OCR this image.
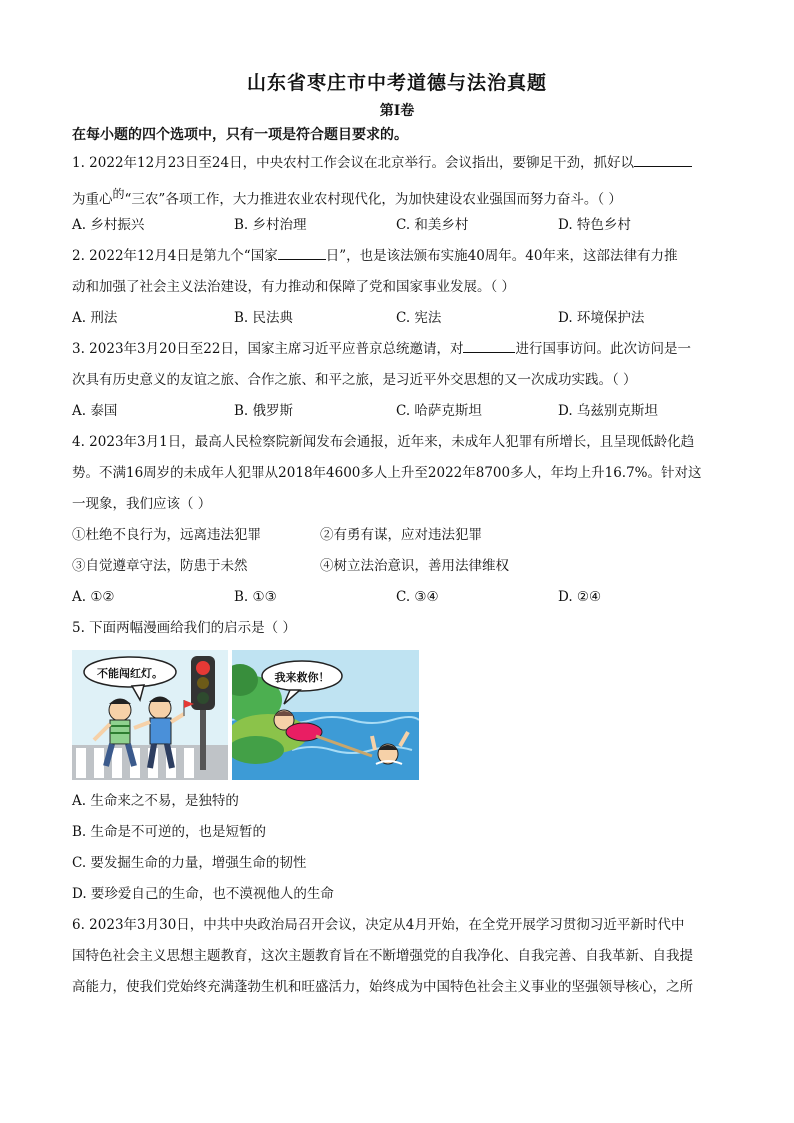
山东省枣庄市中考道德与法治真题
第Ⅰ卷
在每小题的四个选项中，只有一项是符合题目要求的。
1. 2022年12月23日至24日，中央农村工作会议在北京举行。会议指出，要铆足干劲，抓好以
为重心$^的$“三农”各项工作，大力推进农业农村现代化，为加快建设农业强国而努力奋斗。（ ）
A. 乡村振兴	B. 乡村治理	C. 和美乡村	D. 特色乡村
2. 2022年12月4日是第九个“国家	日”，也是该法颁布实施40周年。40年来，这部法律有力推
动和加强了社会主义法治建设，有力推动和保障了党和国家事业发展。（ ）
A. 刑法	B. 民法典	C. 宪法	D. 环境保护法
3. 2023年3月20日至22日，国家主席习近平应普京总统邀请，对	进行国事访问。此次访问是一
次具有历史意义的友谊之旅、合作之旅、和平之旅，是习近平外交思想的又一次成功实践。（ ）
A. 泰国	B. 俄罗斯	C. 哈萨克斯坦	D. 乌兹别克斯坦
4. 2023年3月1日，最高人民检察院新闻发布会通报，近年来，未成年人犯罪有所增长，且呈现低龄化趋
势。不满16周岁的未成年人犯罪从2018年4600多人上升至2022年8700多人，年均上升16.7%。针对这
一现象，我们应该（ ）
①杜绝不良行为，远离违法犯罪	②有勇有谋，应对违法犯罪
③自觉遵章守法，防患于未然	④树立法治意识，善用法律维权
A. ①②	B. ①③	C. ③④	D. ②④
5. 下面两幅漫画给我们的启示是（ ）
不能闯红灯。	我来救你！
A. 生命来之不易，是独特的
B. 生命是不可逆的，也是短暂的
C. 要发掘生命的力量，增强生命的韧性
D. 要珍爱自己的生命，也不漠视他人的生命
6. 2023年3月30日，中共中央政治局召开会议，决定从4月开始，在全党开展学习贯彻习近平新时代中
国特色社会主义思想主题教育，这次主题教育旨在不断增强党的自我净化、自我完善、自我革新、自我提
高能力，使我们党始终充满蓬勃生机和旺盛活力，始终成为中国特色社会主义事业的坚强领导核心，之所
